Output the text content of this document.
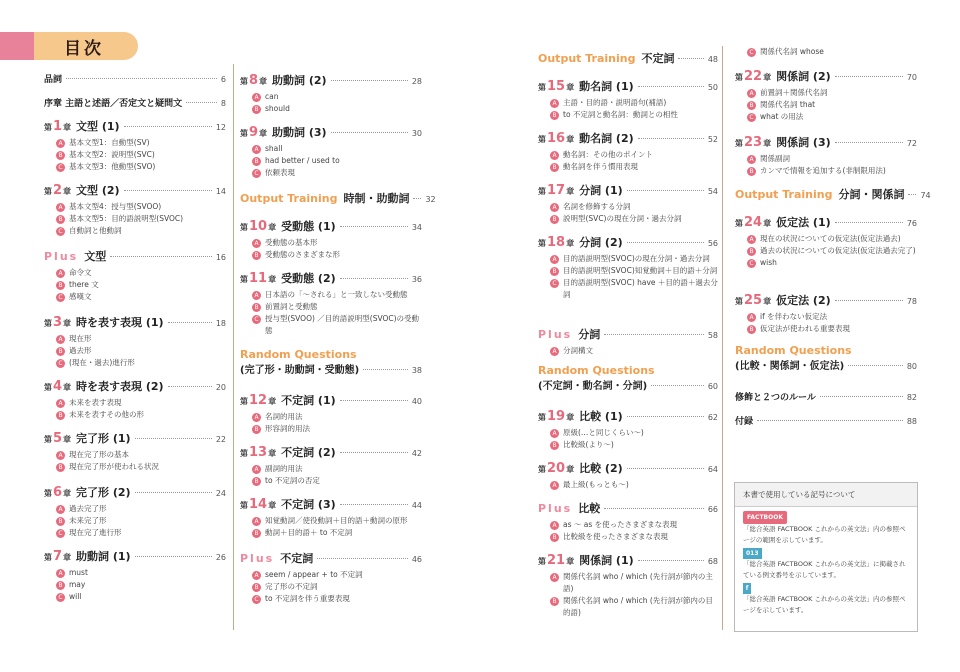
目次
品詞	6
序章 主語と述語／否定文と疑問文	8
第 1 章 文型 (1)	12
A 基本文型1：自動型(SV)
B 基本文型2：説明型(SVC)
C 基本文型3：他動型(SVO)
第 2 章 文型 (2)	14
A 基本文型4：授与型(SVOO)
B 基本文型5：目的語説明型(SVOC)
C 自動詞と他動詞
Plus 文型	16
A 命令文
B there 文
C 感嘆文
第 3 章 時を表す表現 (1)	18
A 現在形
B 過去形
C (現在・過去)進行形
第 4 章 時を表す表現 (2)	20
A 未来を表す表現
B 未来を表すその他の形
第 5 章 完了形 (1)	22
A 現在完了形の基本
B 現在完了形が使われる状況
第 6 章 完了形 (2)	24
A 過去完了形
B 未来完了形
C 現在完了進行形
第 7 章 助動詞 (1)	26
A must
B may
C will
第 8 章 助動詞 (2)	28
A can
B should
第 9 章 助動詞 (3)	30
A shall
B had better / used to
C 依頼表現
Output Training 時制・助動詞 32
第 10 章 受動態 (1)	34
A 受動態の基本形
B 受動態のさまざまな形
第 11 章 受動態 (2)	36
A 日本語の「～される」と一致しない受動態
B 前置詞と受動態
C 授与型(SVOO) ／目的語説明型(SVOC)の受動態
Random Questions
(完了形・助動詞・受動態)	38
第 12 章 不定詞 (1)	40
A 名詞的用法
B 形容詞的用法
第 13 章 不定詞 (2)	42
A 副詞的用法
B to 不定詞の否定
第 14 章 不定詞 (3)	44
A 知覚動詞／使役動詞＋目的語＋動詞の原形
B 動詞＋目的語＋ to 不定詞
Plus 不定詞	46
A seem / appear + to 不定詞
B 完了形の不定詞
C to 不定詞を伴う重要表現
Output Training 不定詞	48
第 15 章 動名詞 (1)	50
A 主語・目的語・説明語句(補語)
B to 不定詞と動名詞：動詞との相性
第 16 章 動名詞 (2)	52
A 動名詞：その他のポイント
B 動名詞を伴う慣用表現
第 17 章 分詞 (1)	54
A 名詞を修飾する分詞
B 説明型(SVC)の現在分詞・過去分詞
第 18 章 分詞 (2)	56
A 目的語説明型(SVOC)の現在分詞・過去分詞
B 目的語説明型(SVOC)知覚動詞＋目的語＋分詞
C 目的語説明型(SVOC) have ＋目的語＋過去分詞
Plus 分詞	58
A 分詞構文
Random Questions
(不定詞・動名詞・分詞)	60
第 19 章 比較 (1)	62
A 原級(…と同じくらい～)
B 比較級(より～)
第 20 章 比較 (2)	64
A 最上級(もっとも～)
Plus 比較	66
A as ～ as を使ったさまざまな表現
B 比較級を使ったさまざまな表現
第 21 章 関係詞 (1)	68
A 関係代名詞 who / which (先行詞が節内の主語)
B 関係代名詞 who / which (先行詞が節内の目的語)
C 関係代名詞 whose
第 22 章 関係詞 (2)	70
A 前置詞＋関係代名詞
B 関係代名詞 that
C what の用法
第 23 章 関係詞 (3)	72
A 関係副詞
B カンマで情報を追加する(非制限用法)
Output Training 分詞・関係詞 74
第 24 章 仮定法 (1)	76
A 現在の状況についての仮定法(仮定法過去)
B 過去の状況についての仮定法(仮定法過去完了)
C wish
第 25 章 仮定法 (2)	78
A if を伴わない仮定法
B 仮定法が使われる重要表現
Random Questions
(比較・関係詞・仮定法)	80
修飾と２つのルール	82
付録	88
本書で使用している記号について
FACTBOOK
「総合英語 FACTBOOK これからの英文法」内の参照ページの範囲を示しています。
013
「総合英語 FACTBOOK これからの英文法」に掲載されている例文番号を示しています。
f
「総合英語 FACTBOOK これからの英文法」内の参照ページを示しています。
